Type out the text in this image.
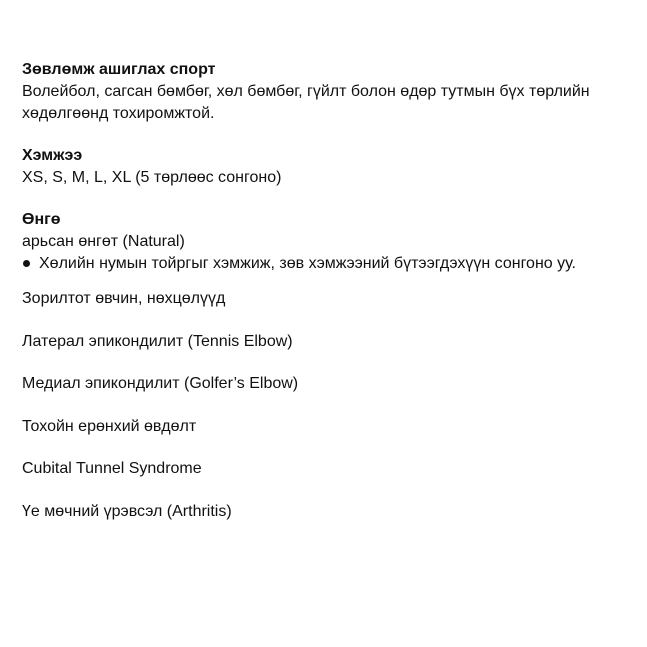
Зөвлөмж ашиглах спорт

Волейбол, сагсан бөмбөг, хөл бөмбөг, гүйлт болон өдөр тутмын бүх төрлийн хөдөлгөөнд тохиромжтой.

Хэмжээ

XS, S, M, L, XL (5 төрлөөс сонгоно)

Өнгө

арьсан өнгөт (Natural)

Хөлийн нумын тойргыг хэмжиж, зөв хэмжээний бүтээгдэхүүн сонгоно уу.
Зорилтот өвчин, нөхцөлүүд
Латерал эпикондилит (Tennis Elbow)
Медиал эпикондилит (Golfer’s Elbow)
Тохойн ерөнхий өвдөлт
Cubital Tunnel Syndrome
Үе мөчний үрэвсэл (Arthritis)
